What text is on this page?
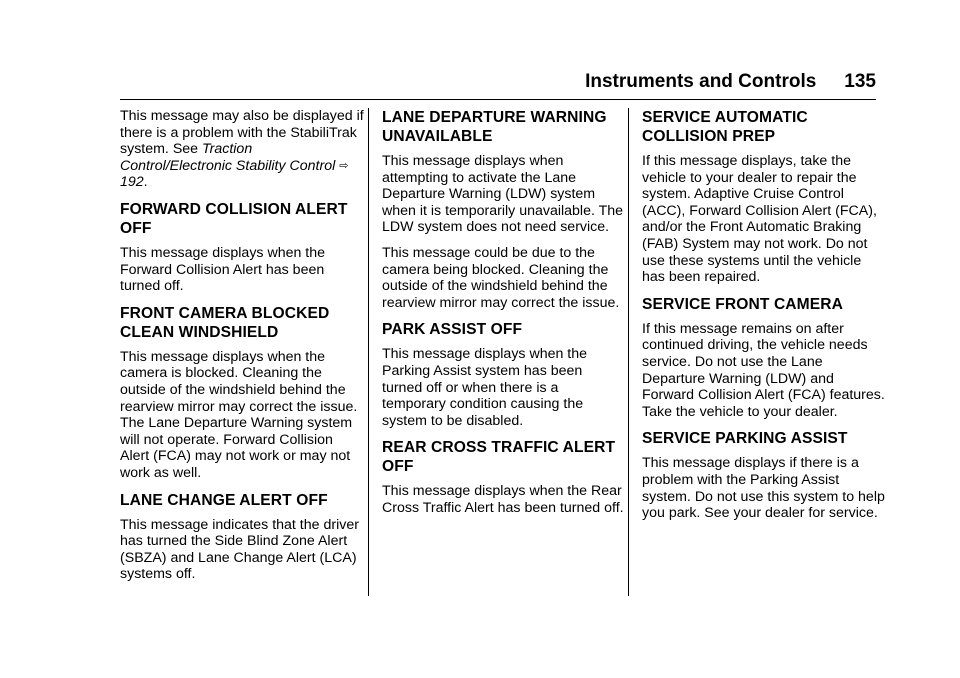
Instruments and Controls 135

This message may also be displayed if there is a problem with the StabiliTrak system. See Traction Control/Electronic Stability Control ⇨ 192.

FORWARD COLLISION ALERT OFF

This message displays when the Forward Collision Alert has been turned off.

FRONT CAMERA BLOCKED CLEAN WINDSHIELD

This message displays when the camera is blocked. Cleaning the outside of the windshield behind the rearview mirror may correct the issue. The Lane Departure Warning system will not operate. Forward Collision Alert (FCA) may not work or may not work as well.

LANE CHANGE ALERT OFF

This message indicates that the driver has turned the Side Blind Zone Alert (SBZA) and Lane Change Alert (LCA) systems off.

LANE DEPARTURE WARNING UNAVAILABLE

This message displays when attempting to activate the Lane Departure Warning (LDW) system when it is temporarily unavailable. The LDW system does not need service.

This message could be due to the camera being blocked. Cleaning the outside of the windshield behind the rearview mirror may correct the issue.

PARK ASSIST OFF

This message displays when the Parking Assist system has been turned off or when there is a temporary condition causing the system to be disabled.

REAR CROSS TRAFFIC ALERT OFF

This message displays when the Rear Cross Traffic Alert has been turned off.

SERVICE AUTOMATIC COLLISION PREP

If this message displays, take the vehicle to your dealer to repair the system. Adaptive Cruise Control (ACC), Forward Collision Alert (FCA), and/or the Front Automatic Braking (FAB) System may not work. Do not use these systems until the vehicle has been repaired.

SERVICE FRONT CAMERA

If this message remains on after continued driving, the vehicle needs service. Do not use the Lane Departure Warning (LDW) and Forward Collision Alert (FCA) features. Take the vehicle to your dealer.

SERVICE PARKING ASSIST

This message displays if there is a problem with the Parking Assist system. Do not use this system to help you park. See your dealer for service.
